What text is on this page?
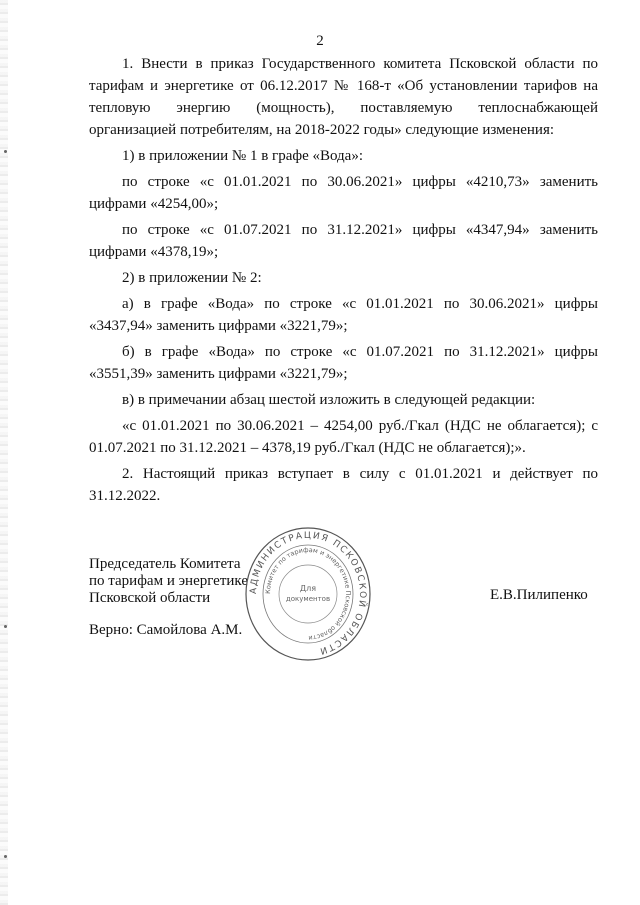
2

1. Внести в приказ Государственного комитета Псковской области по тарифам и энергетике от 06.12.2017 № 168-т «Об установлении тарифов на тепловую энергию (мощность), поставляемую теплоснабжающей организацией потребителям, на 2018-2022 годы» следующие изменения:

1) в приложении № 1 в графе «Вода»:

по строке «с 01.01.2021 по 30.06.2021» цифры «4210,73» заменить цифрами «4254,00»;

по строке «с 01.07.2021 по 31.12.2021» цифры «4347,94» заменить цифрами «4378,19»;

2) в приложении № 2:

а) в графе «Вода» по строке «с 01.01.2021 по 30.06.2021» цифры «3437,94» заменить цифрами «3221,79»;

б) в графе «Вода» по строке «с 01.07.2021 по 31.12.2021» цифры «3551,39» заменить цифрами «3221,79»;

в) в примечании абзац шестой изложить в следующей редакции:

«с 01.01.2021 по 30.06.2021 – 4254,00 руб./Гкал (НДС не облагается); с 01.07.2021 по 31.12.2021 – 4378,19 руб./Гкал (НДС не облагается);».

2. Настоящий приказ вступает в силу с 01.01.2021 и действует по 31.12.2022.

Председатель Комитета
по тарифам и энергетике
Псковской области	Е.В.Пилипенко
Верно: Самойлова А.М.
АДМИНИСТРАЦИЯ ПСКОВСКОЙ ОБЛАСТИ
Комитет по тарифам и энергетике Псковской области
Для
документов
